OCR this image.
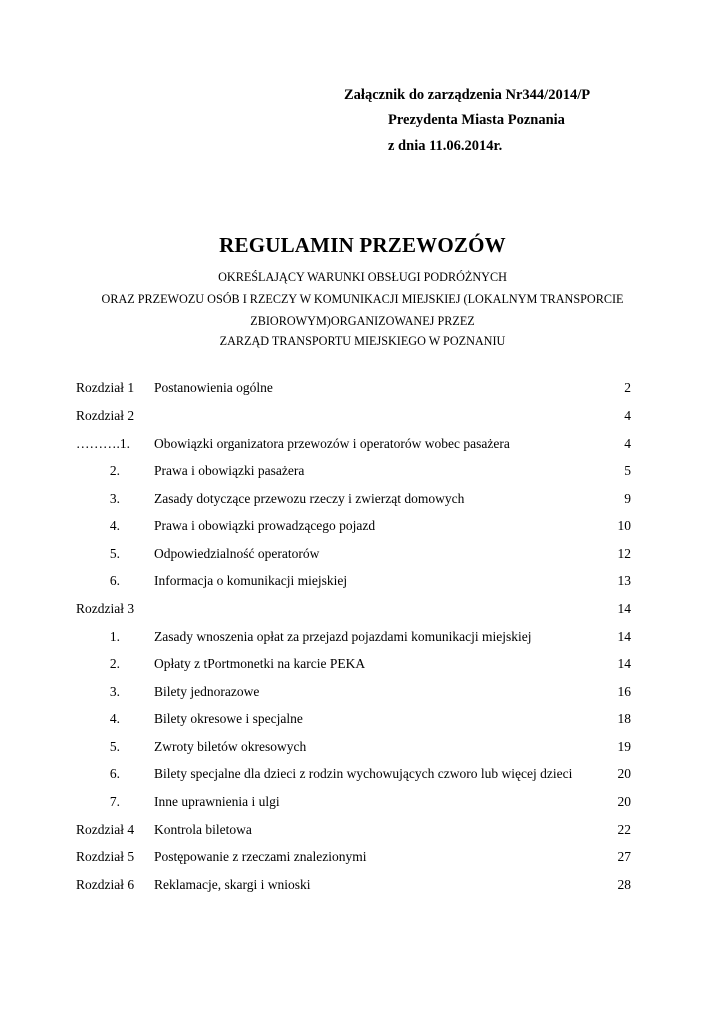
Załącznik do zarządzenia Nr344/2014/P
Prezydenta Miasta Poznania
z dnia 11.06.2014r.
REGULAMIN PRZEWOZÓW
OKREŚLAJĄCY WARUNKI OBSŁUGI PODRÓŻNYCH
ORAZ PRZEWOZU OSÓB I RZECZY W KOMUNIKACJI MIEJSKIEJ (LOKALNYM TRANSPORCIE
ZBIOROWYM)ORGANIZOWANEJ PRZEZ
ZARZĄD TRANSPORTU MIEJSKIEGO W POZNANIU
Rozdział 1 Postanowienia ogólne	2
Rozdział 2	4
……….1. Obowiązki organizatora przewozów i operatorów wobec pasażera	4
2.	Prawa i obowiązki pasażera	5
3.	Zasady dotyczące przewozu rzeczy i zwierząt domowych	9
4.	Prawa i obowiązki prowadzącego pojazd	10
5.	Odpowiedzialność operatorów	12
6.	Informacja o komunikacji miejskiej	13
Rozdział 3	14
1.	Zasady wnoszenia opłat za przejazd pojazdami komunikacji miejskiej	14
2.	Opłaty z tPortmonetki na karcie PEKA	14
3.	Bilety jednorazowe	16
4.	Bilety okresowe i specjalne	18
5.	Zwroty biletów okresowych	19
6.	Bilety specjalne dla dzieci z rodzin wychowujących czworo lub więcej dzieci	20
7.	Inne uprawnienia i ulgi	20
Rozdział 4 Kontrola biletowa	22
Rozdział 5 Postępowanie z rzeczami znalezionymi	27
Rozdział 6 Reklamacje, skargi i wnioski	28
